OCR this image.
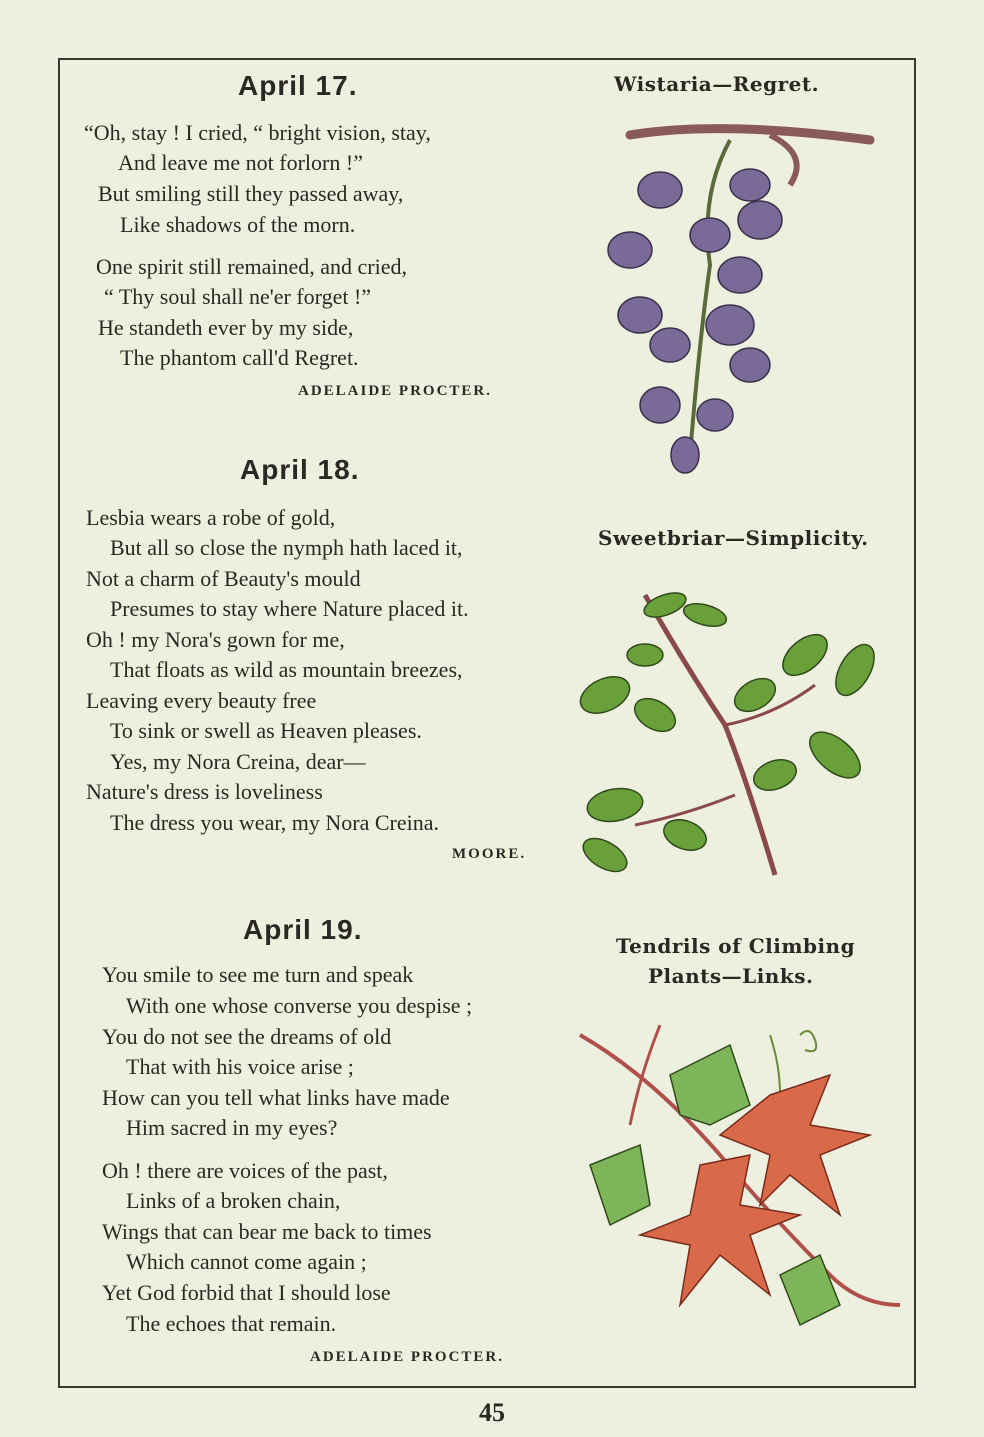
April 17.
“Oh, stay ! I cried, “ bright vision, stay,
And leave me not forlorn !”
But smiling still they passed away,
Like shadows of the morn.
One spirit still remained, and cried,
“ Thy soul shall ne'er forget !”
He standeth ever by my side,
The phantom call'd Regret.
ADELAIDE PROCTER.
Wistaria—Regret.
April 18.
Lesbia wears a robe of gold,
But all so close the nymph hath laced it,
Not a charm of Beauty's mould
Presumes to stay where Nature placed it.
Oh ! my Nora's gown for me,
That floats as wild as mountain breezes,
Leaving every beauty free
To sink or swell as Heaven pleases.
Yes, my Nora Creina, dear—
Nature's dress is loveliness
The dress you wear, my Nora Creina.
MOORE.
Sweetbriar—Simplicity.
April 19.
You smile to see me turn and speak
With one whose converse you despise ;
You do not see the dreams of old
That with his voice arise ;
How can you tell what links have made
Him sacred in my eyes?
Oh ! there are voices of the past,
Links of a broken chain,
Wings that can bear me back to times
Which cannot come again ;
Yet God forbid that I should lose
The echoes that remain.
ADELAIDE PROCTER.
Tendrils of Climbing
Plants—Links.
45
